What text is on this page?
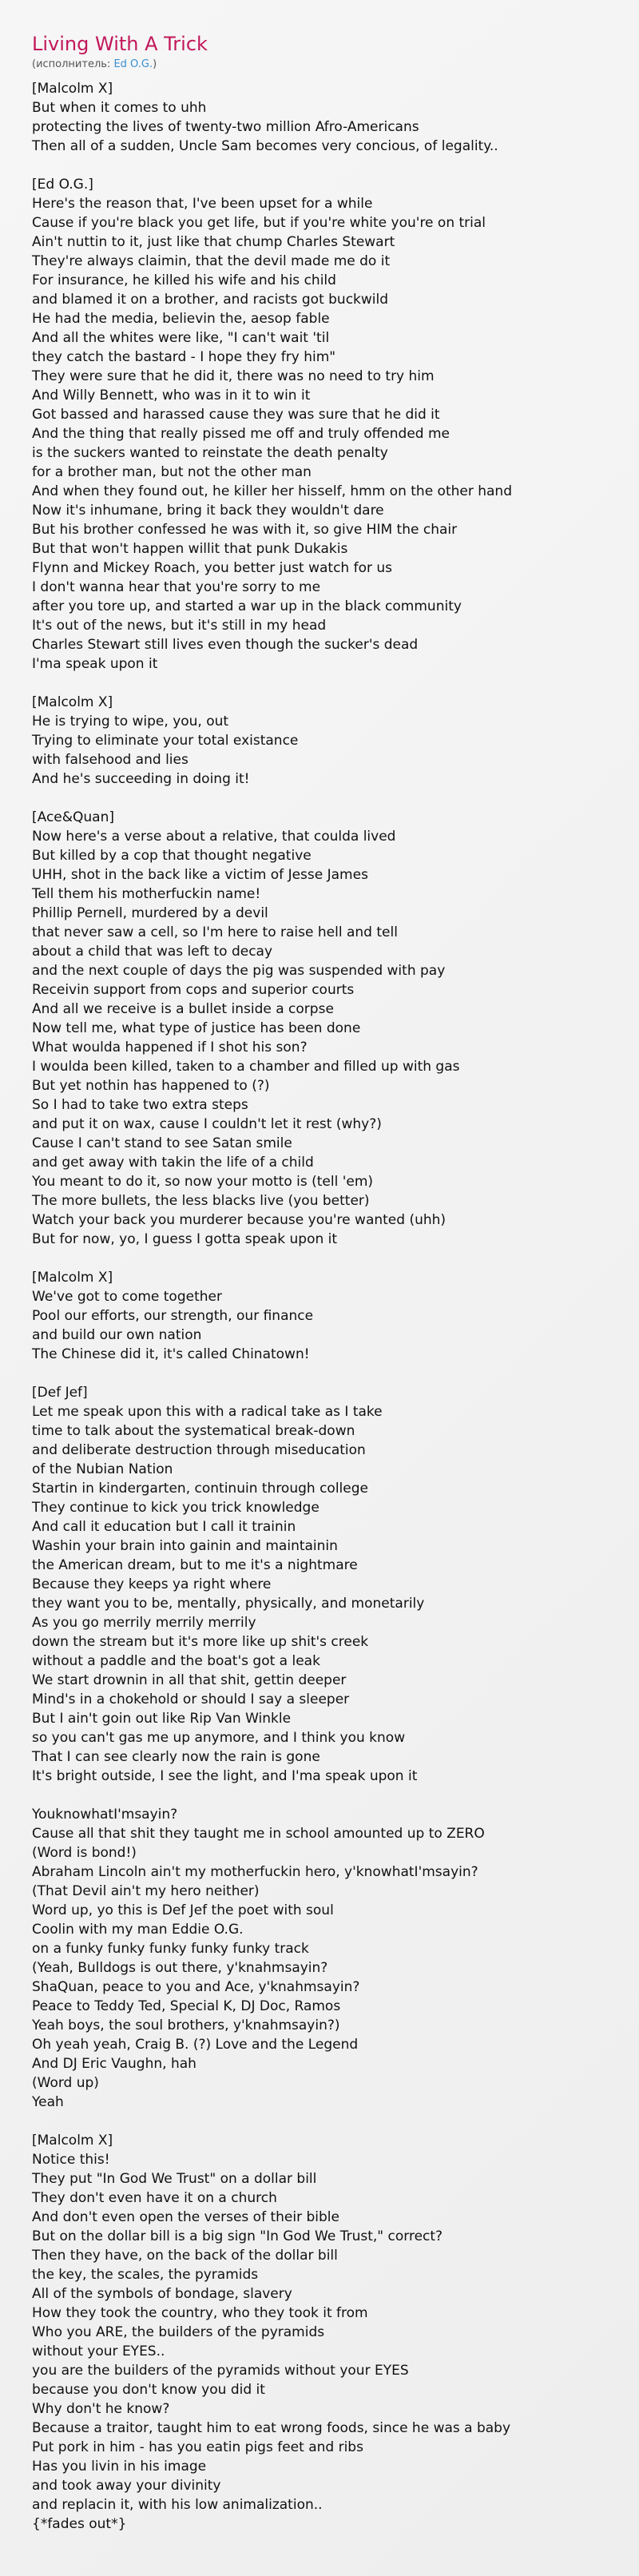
Living With A Trick
(исполнитель: Ed O.G.)
[Malcolm X]
But when it comes to uhh
protecting the lives of twenty-two million Afro-Americans
Then all of a sudden, Uncle Sam becomes very concious, of legality..

[Ed O.G.]
Here's the reason that, I've been upset for a while
Cause if you're black you get life, but if you're white you're on trial
Ain't nuttin to it, just like that chump Charles Stewart
They're always claimin, that the devil made me do it
For insurance, he killed his wife and his child
and blamed it on a brother, and racists got buckwild
He had the media, believin the, aesop fable
And all the whites were like, "I can't wait 'til
they catch the bastard - I hope they fry him"
They were sure that he did it, there was no need to try him
And Willy Bennett, who was in it to win it
Got bassed and harassed cause they was sure that he did it
And the thing that really pissed me off and truly offended me
is the suckers wanted to reinstate the death penalty
for a brother man, but not the other man
And when they found out, he killer her hisself, hmm on the other hand
Now it's inhumane, bring it back they wouldn't dare
But his brother confessed he was with it, so give HIM the chair
But that won't happen willit that punk Dukakis
Flynn and Mickey Roach, you better just watch for us
I don't wanna hear that you're sorry to me
after you tore up, and started a war up in the black community
It's out of the news, but it's still in my head
Charles Stewart still lives even though the sucker's dead
I'ma speak upon it

[Malcolm X]
He is trying to wipe, you, out
Trying to eliminate your total existance
with falsehood and lies
And he's succeeding in doing it!

[Ace&Quan]
Now here's a verse about a relative, that coulda lived
But killed by a cop that thought negative
UHH, shot in the back like a victim of Jesse James
Tell them his motherfuckin name!
Phillip Pernell, murdered by a devil
that never saw a cell, so I'm here to raise hell and tell
about a child that was left to decay
and the next couple of days the pig was suspended with pay
Receivin support from cops and superior courts
And all we receive is a bullet inside a corpse
Now tell me, what type of justice has been done
What woulda happened if I shot his son?
I woulda been killed, taken to a chamber and filled up with gas
But yet nothin has happened to (?)
So I had to take two extra steps
and put it on wax, cause I couldn't let it rest (why?)
Cause I can't stand to see Satan smile
and get away with takin the life of a child
You meant to do it, so now your motto is (tell 'em)
The more bullets, the less blacks live (you better)
Watch your back you murderer because you're wanted (uhh)
But for now, yo, I guess I gotta speak upon it

[Malcolm X]
We've got to come together
Pool our efforts, our strength, our finance
and build our own nation
The Chinese did it, it's called Chinatown!

[Def Jef]
Let me speak upon this with a radical take as I take
time to talk about the systematical break-down
and deliberate destruction through miseducation
of the Nubian Nation
Startin in kindergarten, continuin through college
They continue to kick you trick knowledge
And call it education but I call it trainin
Washin your brain into gainin and maintainin
the American dream, but to me it's a nightmare
Because they keeps ya right where
they want you to be, mentally, physically, and monetarily
As you go merrily merrily merrily
down the stream but it's more like up shit's creek
without a paddle and the boat's got a leak
We start drownin in all that shit, gettin deeper
Mind's in a chokehold or should I say a sleeper
But I ain't goin out like Rip Van Winkle
so you can't gas me up anymore, and I think you know
That I can see clearly now the rain is gone
It's bright outside, I see the light, and I'ma speak upon it

YouknowhatI'msayin?
Cause all that shit they taught me in school amounted up to ZERO
(Word is bond!)
Abraham Lincoln ain't my motherfuckin hero, y'knowhatI'msayin?
(That Devil ain't my hero neither)
Word up, yo this is Def Jef the poet with soul
Coolin with my man Eddie O.G.
on a funky funky funky funky funky track
(Yeah, Bulldogs is out there, y'knahmsayin?
ShaQuan, peace to you and Ace, y'knahmsayin?
Peace to Teddy Ted, Special K, DJ Doc, Ramos
Yeah boys, the soul brothers, y'knahmsayin?)
Oh yeah yeah, Craig B. (?) Love and the Legend
And DJ Eric Vaughn, hah
(Word up)
Yeah

[Malcolm X]
Notice this!
They put "In God We Trust" on a dollar bill
They don't even have it on a church
And don't even open the verses of their bible
But on the dollar bill is a big sign "In God We Trust," correct?
Then they have, on the back of the dollar bill
the key, the scales, the pyramids
All of the symbols of bondage, slavery
How they took the country, who they took it from
Who you ARE, the builders of the pyramids
without your EYES..
you are the builders of the pyramids without your EYES
because you don't know you did it
Why don't he know?
Because a traitor, taught him to eat wrong foods, since he was a baby
Put pork in him - has you eatin pigs feet and ribs
Has you livin in his image
and took away your divinity
and replacin it, with his low animalization..
{*fades out*}
